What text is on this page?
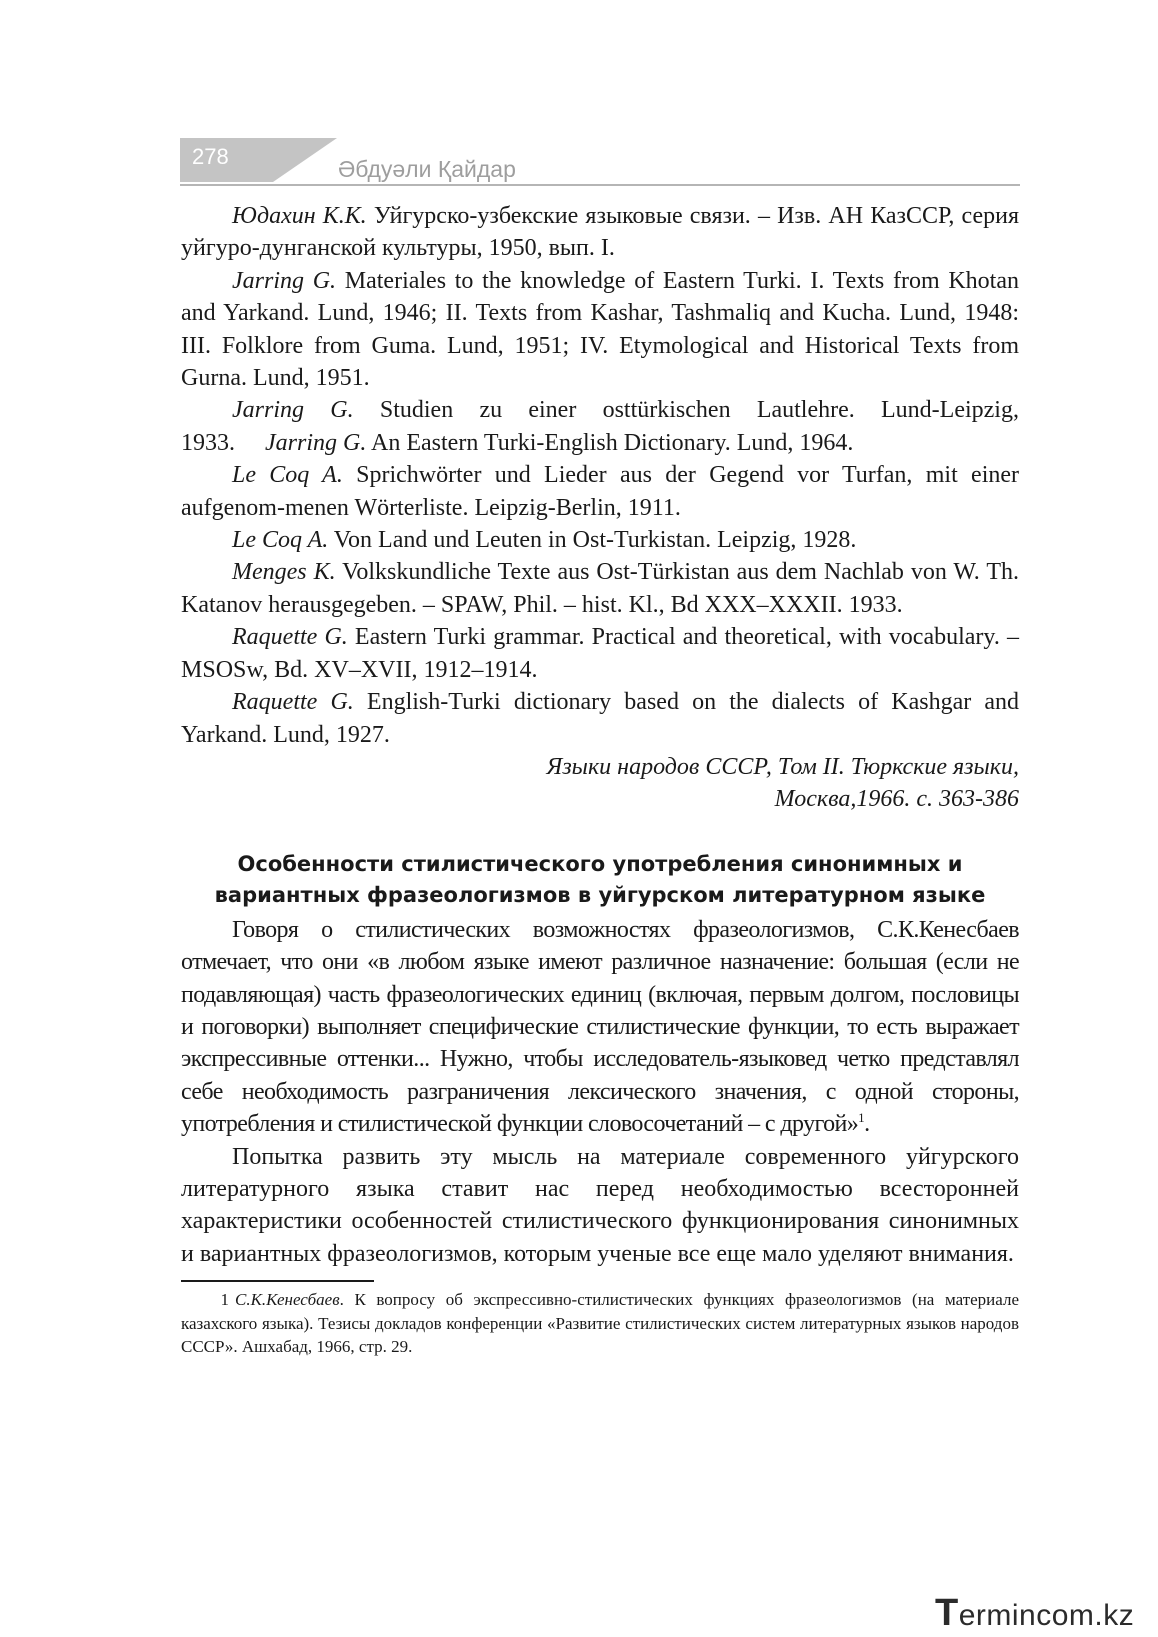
278	Әбдуәли Қайдар

Юдахин К.К. Уйгурско-узбекские языковые связи. – Изв. АН КазССР, серия уйгуро-дунганской культуры, 1950, вып. I.

Jarring G. Materiales to the knowledge of Eastern Turki. I. Texts from Khotan and Yarkand. Lund, 1946; II. Texts from Kashar, Tashmaliq and Kucha. Lund, 1948: III. Folklore from Guma. Lund, 1951; IV. Etymological and Historical Texts from Gurna. Lund, 1951.

Jarring G. Studien zu einer osttürkischen Lautlehre. Lund-Leipzig, 1933. Jarring G. An Eastern Turki-English Dictionary. Lund, 1964.

Le Coq A. Sprichwörter und Lieder aus der Gegend vor Turfan, mit einer aufgenom-menen Wörterliste. Leipzig-Berlin, 1911.

Le Coq A. Von Land und Leuten in Ost-Turkistan. Leipzig, 1928.

Menges K. Volkskundliche Texte aus Ost-Türkistan aus dem Nachlab von W. Th. Katanov herausgegeben. – SPAW, Phil. – hist. Kl., Bd XXX–XXXII. 1933.

Raquette G. Eastern Turki grammar. Practical and theoretical, with vocabulary. – MSOSw, Bd. XV–XVII, 1912–1914.

Raquette G. English-Turki dictionary based on the dialects of Kashgar and Yarkand. Lund, 1927.

Языки народов СССР, Том II. Тюркские языки,

Москва,1966. с. 363-386

Особенности стилистического употребления синонимных и
вариантных фразеологизмов в уйгурском литературном языке

Говоря о стилистических возможностях фразеологизмов, С.К.Кенесбаев отмечает, что они «в любом языке имеют различное назначение: большая (если не подавляющая) часть фразеологических единиц (включая, первым долгом, пословицы и поговорки) выполняет специфические стилистические функции, то есть выражает экспрессивные оттенки... Нужно, чтобы исследователь-языковед четко представлял себе необходимость разграничения лексического значения, с одной стороны, употребления и стилистической функции словосочетаний – с другой»$^1$.

Попытка развить эту мысль на материале современного уйгурского литературного языка ставит нас перед необходимостью всесторонней характеристики особенностей стилистического функционирования синонимных и вариантных фразеологизмов, которым ученые все еще мало уделяют внимания.

1 С.К.Кенесбаев. К вопросу об экспрессивно-стилистических функциях фразеологизмов (на материале казахского языка). Тезисы докладов конференции «Развитие стилистических систем литературных языков народов СССР». Ашхабад, 1966, стр. 29.
Termincom.kz
